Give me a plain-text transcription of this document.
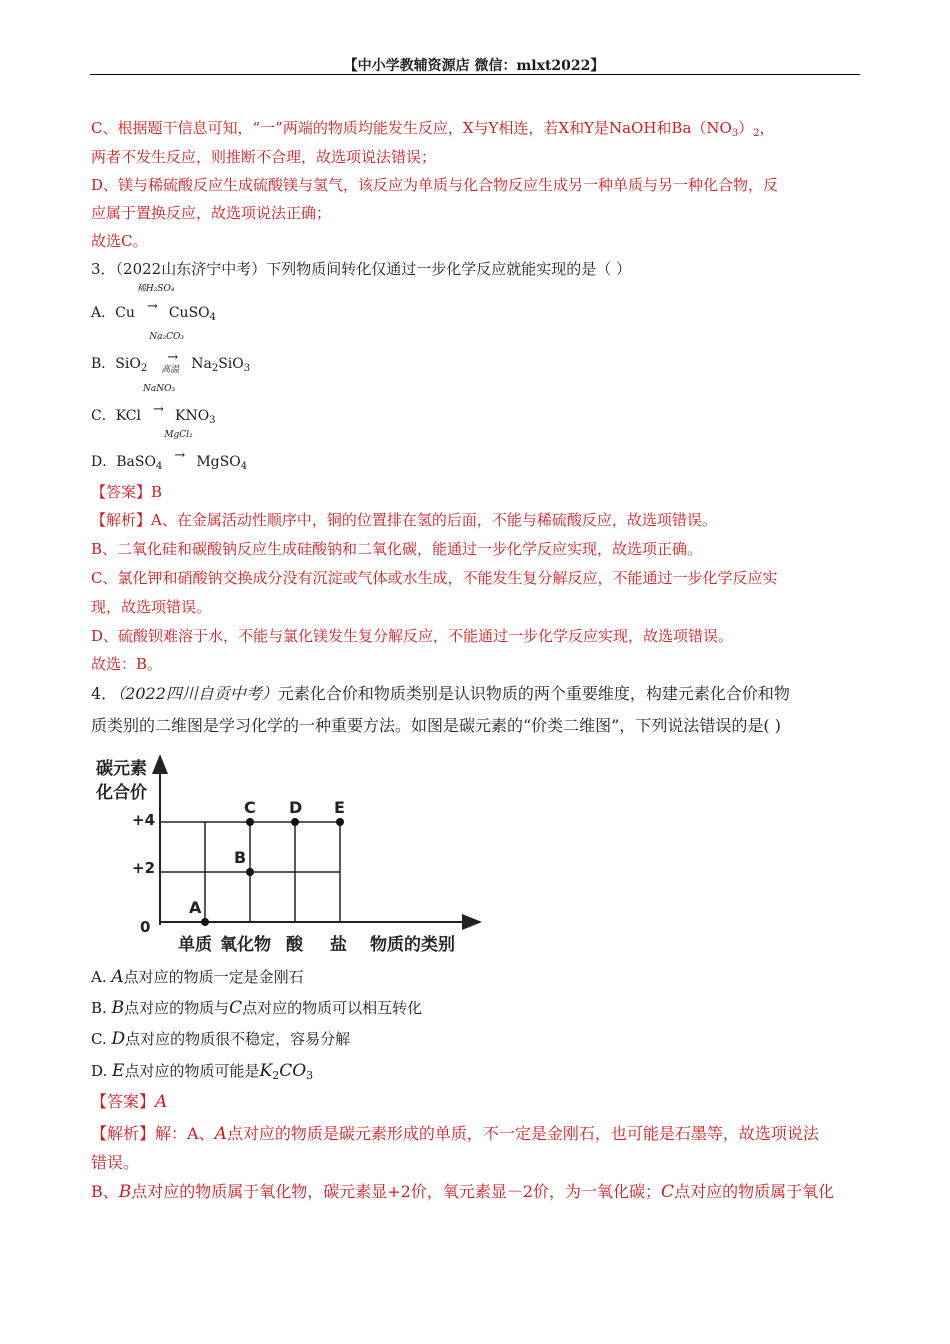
【中小学教辅资源店 微信：mlxt2022】
C、根据题干信息可知，“一”两端的物质均能发生反应，X与Y相连，若X和Y是NaOH和$Ba(NO_3)_2$，
两者不发生反应，则推断不合理，故选项说法错误；
D、镁与稀硫酸反应生成硫酸镁与氢气，该反应为单质与化合物反应生成另一种单质与另一种化合物，反
应属于置换反应，故选项说法正确；
故选C。
3．（2022山东济宁中考）下列物质间转化仅通过一步化学反应就能实现的是（ ）
A．Cu
稀H₂SO₄
→ CuSO$_4$
B．SiO$_2$
Na₂CO₃
→
高温 $Na_2SiO_3$
C．KCl
NaNO₃
→ $KNO_3$
D．BaSO$_4$
MgCl₂
→ MgSO$_4$
【答案】B
【解析】A、在金属活动性顺序中，铜的位置排在氢的后面，不能与稀硫酸反应，故选项错误。
B、二氧化硅和碳酸钠反应生成硅酸钠和二氧化碳，能通过一步化学反应实现，故选项正确。
C、氯化钾和硝酸钠交换成分没有沉淀或气体或水生成，不能发生复分解反应，不能通过一步化学反应实
现，故选项错误。
D、硫酸钡难溶于水，不能与氯化镁发生复分解反应，不能通过一步化学反应实现，故选项错误。
故选：B。
4．（2022四川自贡中考）元素化合价和物质类别是认识物质的两个重要维度，构建元素化合价和物
质类别的二维图是学习化学的一种重要方法。如图是碳元素的“价类二维图”，下列说法错误的是( )
碳元素
化合价
+4
+2
0
单质 氧化物 酸 盐 物质的类别
A
B
C D E
A. A点对应的物质一定是金刚石
B. B点对应的物质与C点对应的物质可以相互转化
C. D点对应的物质很不稳定，容易分解
D. E点对应的物质可能是$K_2CO_3$
【答案】A
【解析】解：A、A点对应的物质是碳元素形成的单质，不一定是金刚石，也可能是石墨等，故选项说法
错误。
B、B点对应的物质属于氧化物，碳元素显+2价，氧元素显－2价，为一氧化碳；C点对应的物质属于氧化
